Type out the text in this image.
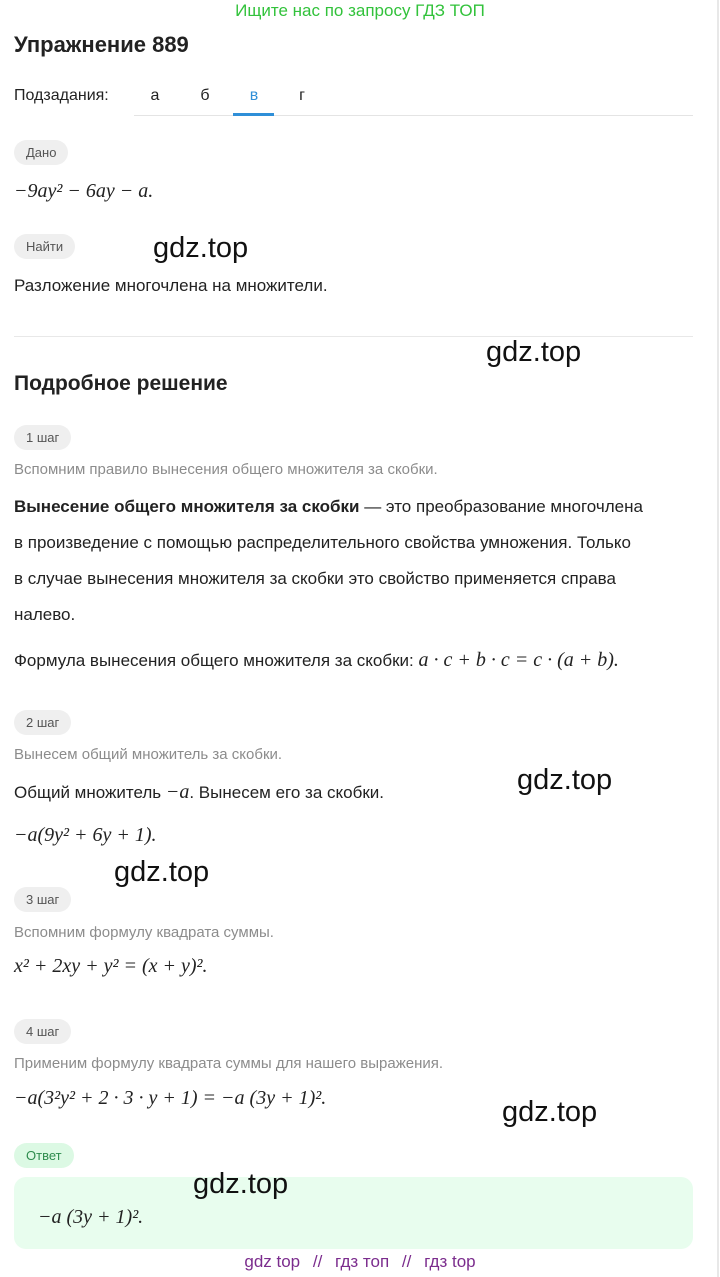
Ищите нас по запросу ГДЗ ТОП
Упражнение 889
Подзадания:	а	б	в	г
Дано
−9ay² − 6ay − a.
Найти
Разложение многочлена на множители.
Подробное решение
1 шаг
Вспомним правило вынесения общего множителя за скобки.
Вынесение общего множителя за скобки — это преобразование многочлена
в произведение с помощью распределительного свойства умножения. Только
в случае вынесения множителя за скобки это свойство применяется справа
налево.
Формула вынесения общего множителя за скобки: a · c + b · c = c · (a + b).
2 шаг
Вынесем общий множитель за скобки.
Общий множитель −a. Вынесем его за скобки.
−a(9y² + 6y + 1).
3 шаг
Вспомним формулу квадрата суммы.
x² + 2xy + y² = (x + y)².
4 шаг
Применим формулу квадрата суммы для нашего выражения.
−a(3²y² + 2 · 3 · y + 1) = −a (3y + 1)².
Ответ
−a (3y + 1)².
gdz.top
gdz.top
gdz.top
gdz.top
gdz.top
gdz.top
gdz top // гдз топ // гдз top
